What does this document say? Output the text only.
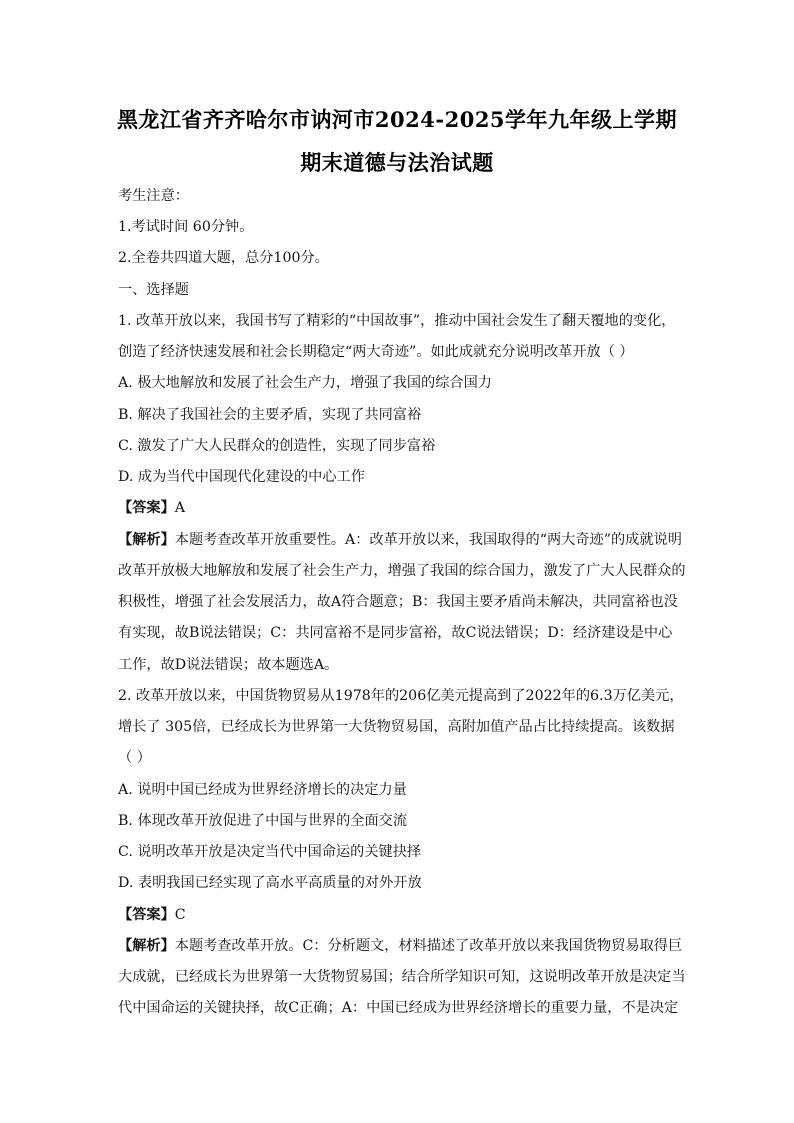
黑龙江省齐齐哈尔市讷河市2024-2025学年九年级上学期
期末道德与法治试题
考生注意：
1.考试时间 60分钟。
2.全卷共四道大题，总分100分。
一、选择题
1. 改革开放以来，我国书写了精彩的“中国故事”，推动中国社会发生了翻天覆地的变化，
创造了经济快速发展和社会长期稳定“两大奇迹”。如此成就充分说明改革开放（ ）
A. 极大地解放和发展了社会生产力，增强了我国的综合国力
B. 解决了我国社会的主要矛盾，实现了共同富裕
C. 激发了广大人民群众的创造性，实现了同步富裕
D. 成为当代中国现代化建设的中心工作
【答案】A
【解析】本题考查改革开放重要性。A：改革开放以来，我国取得的“两大奇迹”的成就说明
改革开放极大地解放和发展了社会生产力，增强了我国的综合国力，激发了广大人民群众的
积极性，增强了社会发展活力，故A符合题意；B：我国主要矛盾尚未解决，共同富裕也没
有实现，故B说法错误；C：共同富裕不是同步富裕，故C说法错误；D：经济建设是中心
工作，故D说法错误；故本题选A。
2. 改革开放以来，中国货物贸易从1978年的206亿美元提高到了2022年的6.3万亿美元，
增长了 305倍，已经成长为世界第一大货物贸易国，高附加值产品占比持续提高。该数据
（ ）
A. 说明中国已经成为世界经济增长的决定力量
B. 体现改革开放促进了中国与世界的全面交流
C. 说明改革开放是决定当代中国命运的关键抉择
D. 表明我国已经实现了高水平高质量的对外开放
【答案】C
【解析】本题考查改革开放。C：分析题文，材料描述了改革开放以来我国货物贸易取得巨
大成就，已经成长为世界第一大货物贸易国；结合所学知识可知，这说明改革开放是决定当
代中国命运的关键抉择，故C正确；A：中国已经成为世界经济增长的重要力量，不是决定
